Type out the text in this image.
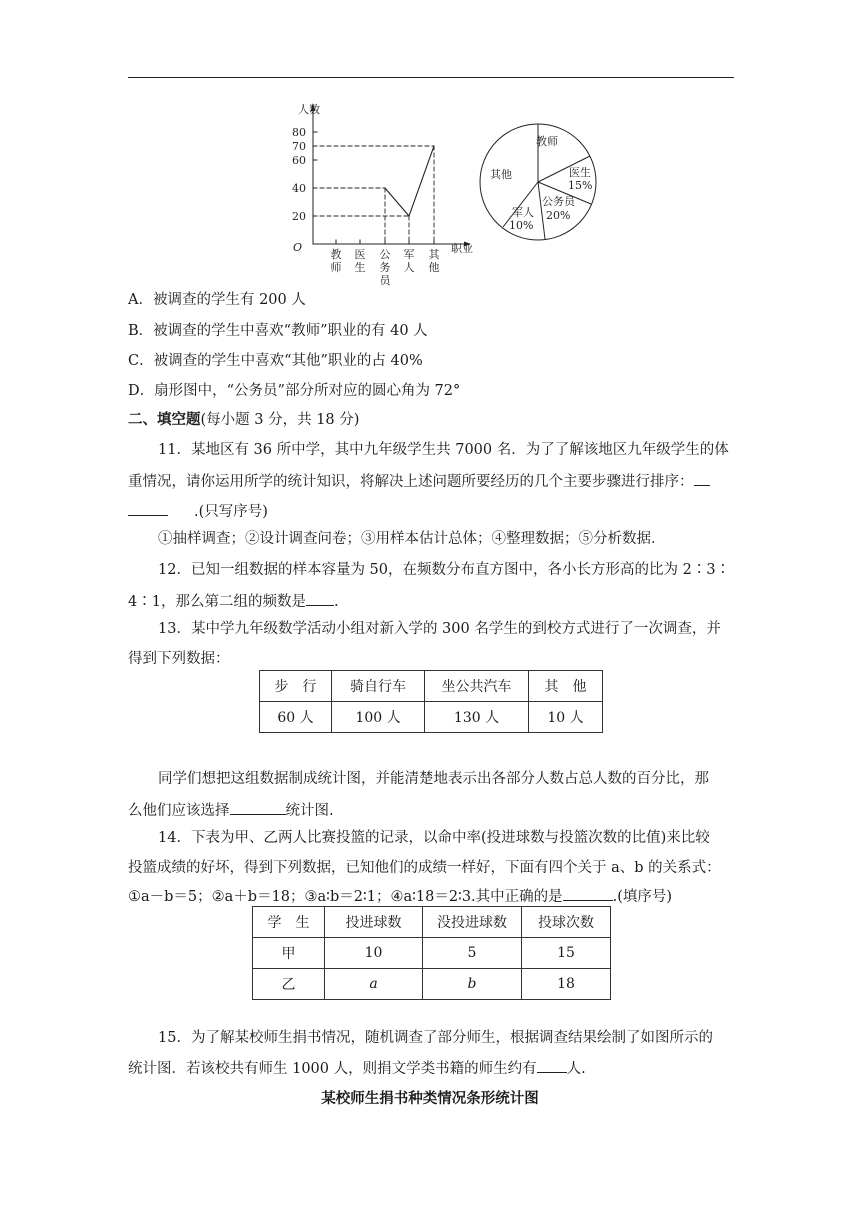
人数
O	职业
20
40
60
70
80
教
师
医
生
公
务
员
军
人
其
他
教师
其他	医生
15%
公务员
20%
军人
10%
A．被调查的学生有 200 人
B．被调查的学生中喜欢“教师”职业的有 40 人
C．被调查的学生中喜欢“其他”职业的占 40%
D．扇形图中，“公务员”部分所对应的圆心角为 72°
二、填空题(每小题 3 分，共 18 分)
11．某地区有 36 所中学，其中九年级学生共 7000 名．为了了解该地区九年级学生的体
重情况，请你运用所学的统计知识，将解决上述问题所要经历的几个主要步骤进行排序：
.(只写序号)
①抽样调查；②设计调查问卷；③用样本估计总体；④整理数据；⑤分析数据．
12．已知一组数据的样本容量为 50，在频数分布直方图中，各小长方形高的比为 2∶3∶
4∶1，那么第二组的频数是 .
13．某中学九年级数学活动小组对新入学的 300 名学生的到校方式进行了一次调查，并
得到下列数据：
步　行	骑自行车	坐公共汽车	其　他
60 人	100 人	130 人	10 人
同学们想把这组数据制成统计图，并能清楚地表示出各部分人数占总人数的百分比，那
么他们应该选择	统计图.
14．下表为甲、乙两人比赛投篮的记录，以命中率(投进球数与投篮次数的比值)来比较
投篮成绩的好坏，得到下列数据，已知他们的成绩一样好，下面有四个关于 a、b 的关系式：
①a－b＝5；②a＋b＝18；③a∶b＝2∶1；④a∶18＝2∶3.其中正确的是	.(填序号)
学　生	投进球数	没投进球数	投球次数
甲	10	5	15
乙	a	b	18
15．为了解某校师生捐书情况，随机调查了部分师生，根据调查结果绘制了如图所示的
统计图．若该校共有师生 1000 人，则捐文学类书籍的师生约有 人.
某校师生捐书种类情况条形统计图
